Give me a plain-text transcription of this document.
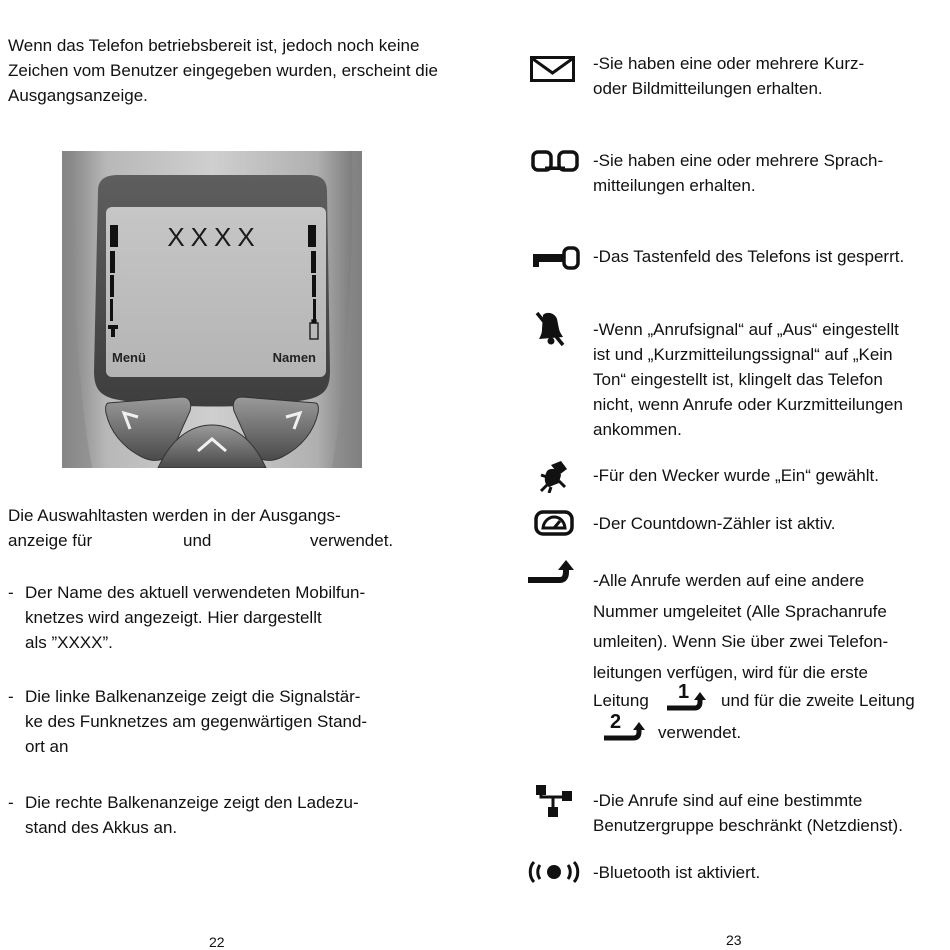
Wenn das Telefon betriebsbereit ist, jedoch noch keine Zeichen vom Benutzer eingegeben wurden, erscheint die Ausgangsanzeige.
XXXX
Menü	Namen
Die Auswahltasten werden in der Ausgangs-
anzeige für	und	verwendet.
- Der Name des aktuell verwendeten Mobilfun-
knetzes wird angezeigt. Hier dargestellt
als ”XXXX”.
- Die linke Balkenanzeige zeigt die Signalstär-
ke des Funknetzes am gegenwärtigen Stand-
ort an
- Die rechte Balkenanzeige zeigt den Ladezu-
stand des Akkus an.
22
-Sie haben eine oder mehrere Kurz-
oder Bildmitteilungen erhalten.
-Sie haben eine oder mehrere Sprach-
mitteilungen erhalten.
-Das Tastenfeld des Telefons ist gesperrt.
-Wenn „Anrufsignal“ auf „Aus“ eingestellt
ist und „Kurzmitteilungssignal“ auf „Kein
Ton“ eingestellt ist, klingelt das Telefon
nicht, wenn Anrufe oder Kurzmitteilungen
ankommen.
-Für den Wecker wurde „Ein“ gewählt.
-Der Countdown-Zähler ist aktiv.
-Alle Anrufe werden auf eine andere
Nummer umgeleitet (Alle Sprachanrufe
umleiten). Wenn Sie über zwei Telefon-
leitungen verfügen, wird für die erste
Leitung 1 und für die zweite Leitung
2 verwendet.
-Die Anrufe sind auf eine bestimmte
Benutzergruppe beschränkt (Netzdienst).
-Bluetooth ist aktiviert.
23
